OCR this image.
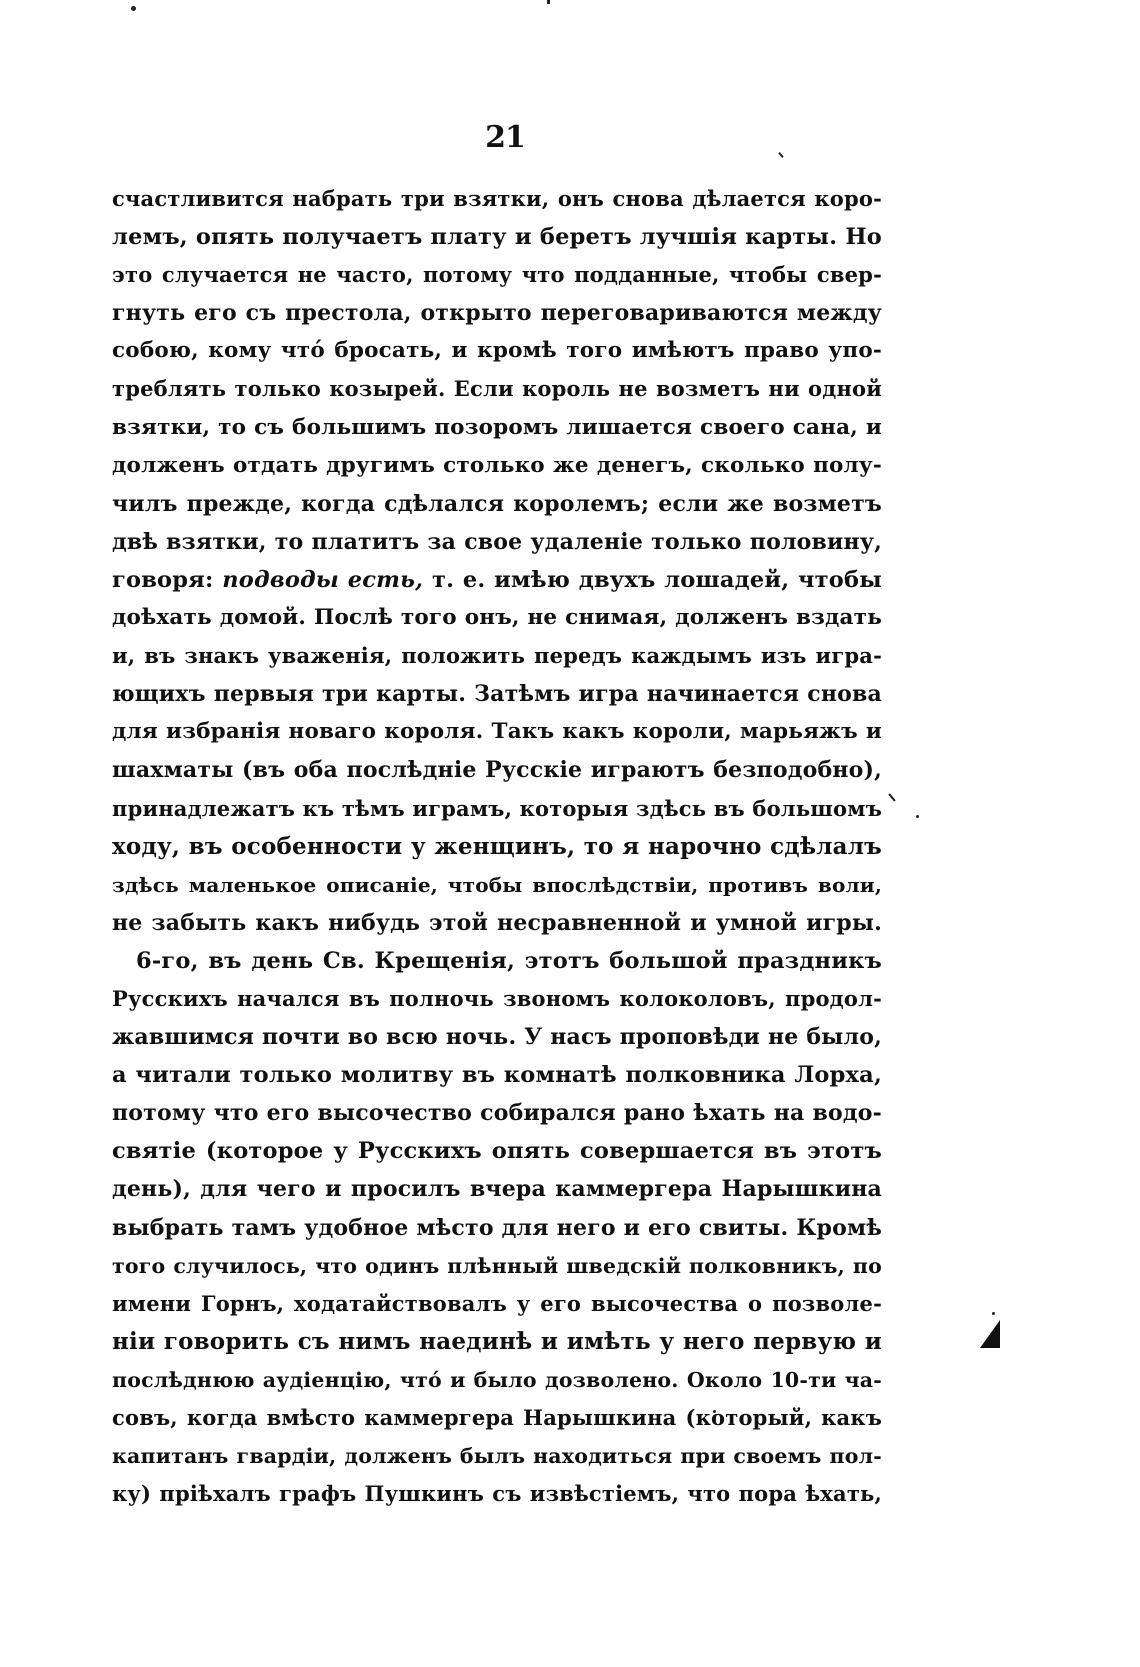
21
счастливится набрать три взятки, онъ снова дѣлается коро-
лемъ, опять получаетъ плату и беретъ лучшія карты. Но
это случается не часто, потому что подданные, чтобы свер-
гнуть его съ престола, открыто переговариваются между
собою, кому что́ бросать, и кромѣ того имѣютъ право упо-
треблять только козырей. Если король не возметъ ни одной
взятки, то съ большимъ позоромъ лишается своего сана, и
долженъ отдать другимъ столько же денегъ, сколько полу-
чилъ прежде, когда сдѣлался королемъ; если же возметъ
двѣ взятки, то платитъ за свое удаленіе только половину,
говоря: подводы есть, т. е. имѣю двухъ лошадей, чтобы
доѣхать домой. Послѣ того онъ, не снимая, долженъ вздать
и, въ знакъ уваженія, положить передъ каждымъ изъ игра-
ющихъ первыя три карты. Затѣмъ игра начинается снова
для избранія новаго короля. Такъ какъ короли, марьяжъ и
шахматы (въ оба послѣдніе Русскіе играютъ безподобно),
принадлежатъ къ тѣмъ играмъ, которыя здѣсь въ большомъ
ходу, въ особенности у женщинъ, то я нарочно сдѣлалъ
здѣсь маленькое описаніе, чтобы впослѣдствіи, противъ воли,
не забыть какъ нибудь этой несравненной и умной игры.
6-го, въ день Св. Крещенія, этотъ большой праздникъ
Русскихъ начался въ полночь звономъ колоколовъ, продол-
жавшимся почти во всю ночь. У насъ проповѣди не было,
а читали только молитву въ комнатѣ полковника Лорха,
потому что его высочество собирался рано ѣхать на водо-
святіе (которое у Русскихъ опять совершается въ этотъ
день), для чего и просилъ вчера каммергера Нарышкина
выбрать тамъ удобное мѣсто для него и его свиты. Кромѣ
того случилось, что одинъ плѣнный шведскій полковникъ, по
имени Горнъ, ходатайствовалъ у его высочества о позволе-
ніи говорить съ нимъ наединѣ и имѣть у него первую и
послѣднюю аудіенцію, что́ и было дозволено. Около 10-ти ча-
совъ, когда вмѣсто каммергера Нарышкина (который, какъ
капитанъ гвардіи, долженъ былъ находиться при своемъ пол-
ку) пріѣхалъ графъ Пушкинъ съ извѣстіемъ, что пора ѣхать,
